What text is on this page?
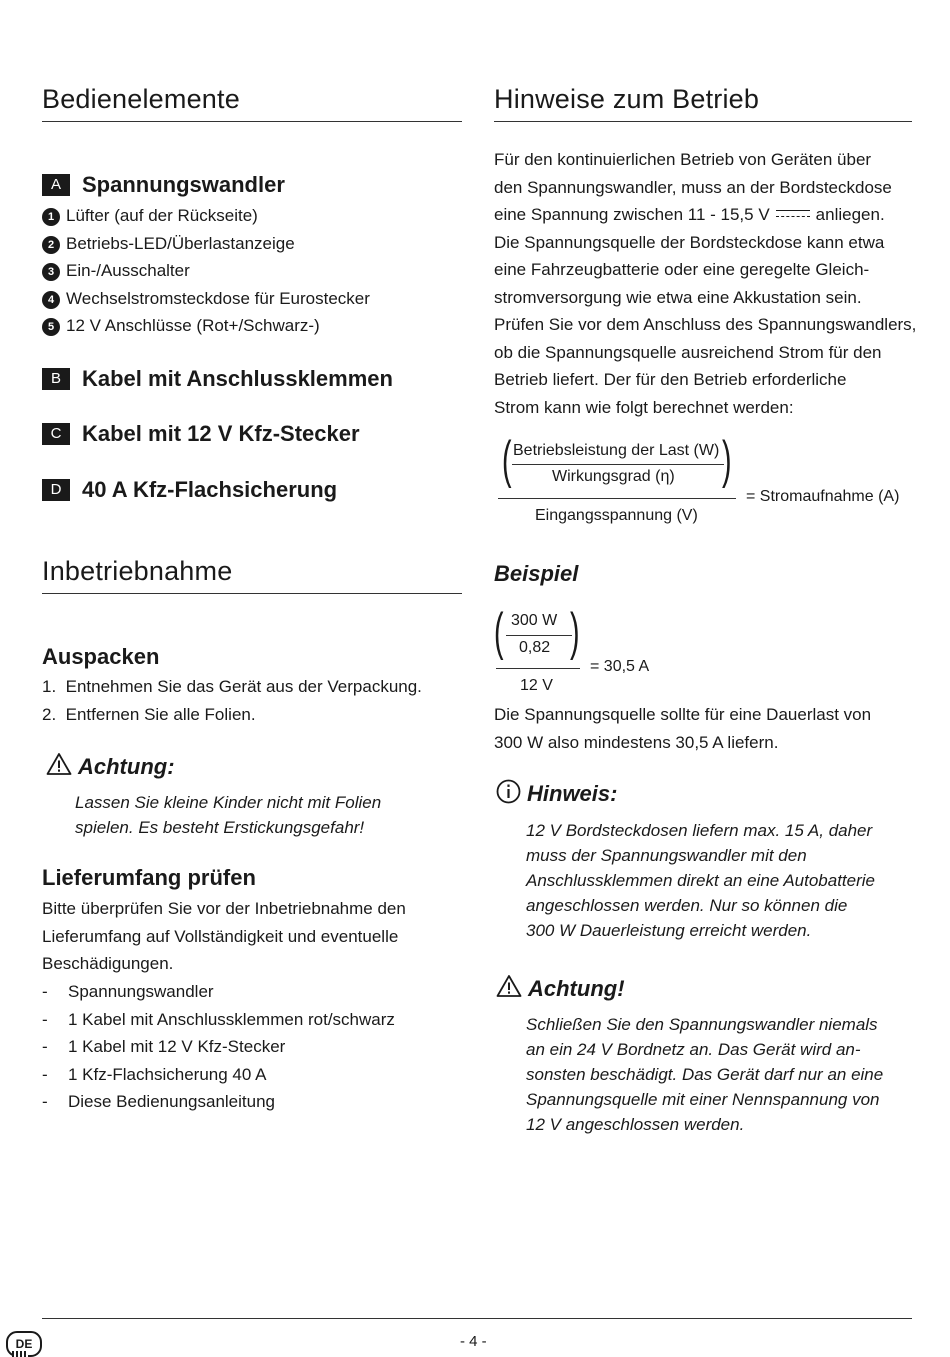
Bedienelemente
A Spannungswandler
1 Lüfter (auf der Rückseite)
2 Betriebs-LED/Überlastanzeige
3 Ein-/Ausschalter
4 Wechselstromsteckdose für Eurostecker
5 12 V Anschlüsse (Rot+/Schwarz-)
B Kabel mit Anschlussklemmen
C Kabel mit 12 V Kfz-Stecker
D 40 A Kfz-Flachsicherung
Inbetriebnahme
Auspacken
1.  Entnehmen Sie das Gerät aus der Verpackung.
2.  Entfernen Sie alle Folien.
Achtung:
Lassen Sie kleine Kinder nicht mit Folien
spielen. Es besteht Erstickungsgefahr!
Lieferumfang prüfen
Bitte überprüfen Sie vor der Inbetriebnahme den
Lieferumfang auf Vollständigkeit und eventuelle
Beschädigungen.
- Spannungswandler
- 1 Kabel mit Anschlussklemmen rot/schwarz
- 1 Kabel mit 12 V Kfz-Stecker
- 1 Kfz-Flachsicherung 40 A
- Diese Bedienungsanleitung
Hinweise zum Betrieb
Für den kontinuierlichen Betrieb von Geräten über
den Spannungswandler, muss an der Bordsteckdose
eine Spannung zwischen 11 - 15,5 V	anliegen.
Die Spannungsquelle der Bordsteckdose kann etwa
eine Fahrzeugbatterie oder eine geregelte Gleich-
stromversorgung wie etwa eine Akkustation sein.
Prüfen Sie vor dem Anschluss des Spannungswandlers,
ob die Spannungsquelle ausreichend Strom für den
Betrieb liefert. Der für den Betrieb erforderliche
Strom kann wie folgt berechnet werden:
(	)
Betriebsleistung der Last (W)
Wirkungsgrad (η)
Eingangsspannung (V)
= Stromaufnahme (A)
Beispiel
( )
300 W
0,82
12 V
= 30,5 A
Die Spannungsquelle sollte für eine Dauerlast von
300 W also mindestens 30,5 A liefern.
Hinweis:
12 V Bordsteckdosen liefern max. 15 A, daher
muss der Spannungswandler mit den
Anschlussklemmen direkt an eine Autobatterie
angeschlossen werden. Nur so können die
300 W Dauerleistung erreicht werden.
Achtung!
Schließen Sie den Spannungswandler niemals
an ein 24 V Bordnetz an. Das Gerät wird an-
sonsten beschädigt. Das Gerät darf nur an eine
Spannungsquelle mit einer Nennspannung von
12 V angeschlossen werden.
DE	- 4 -
